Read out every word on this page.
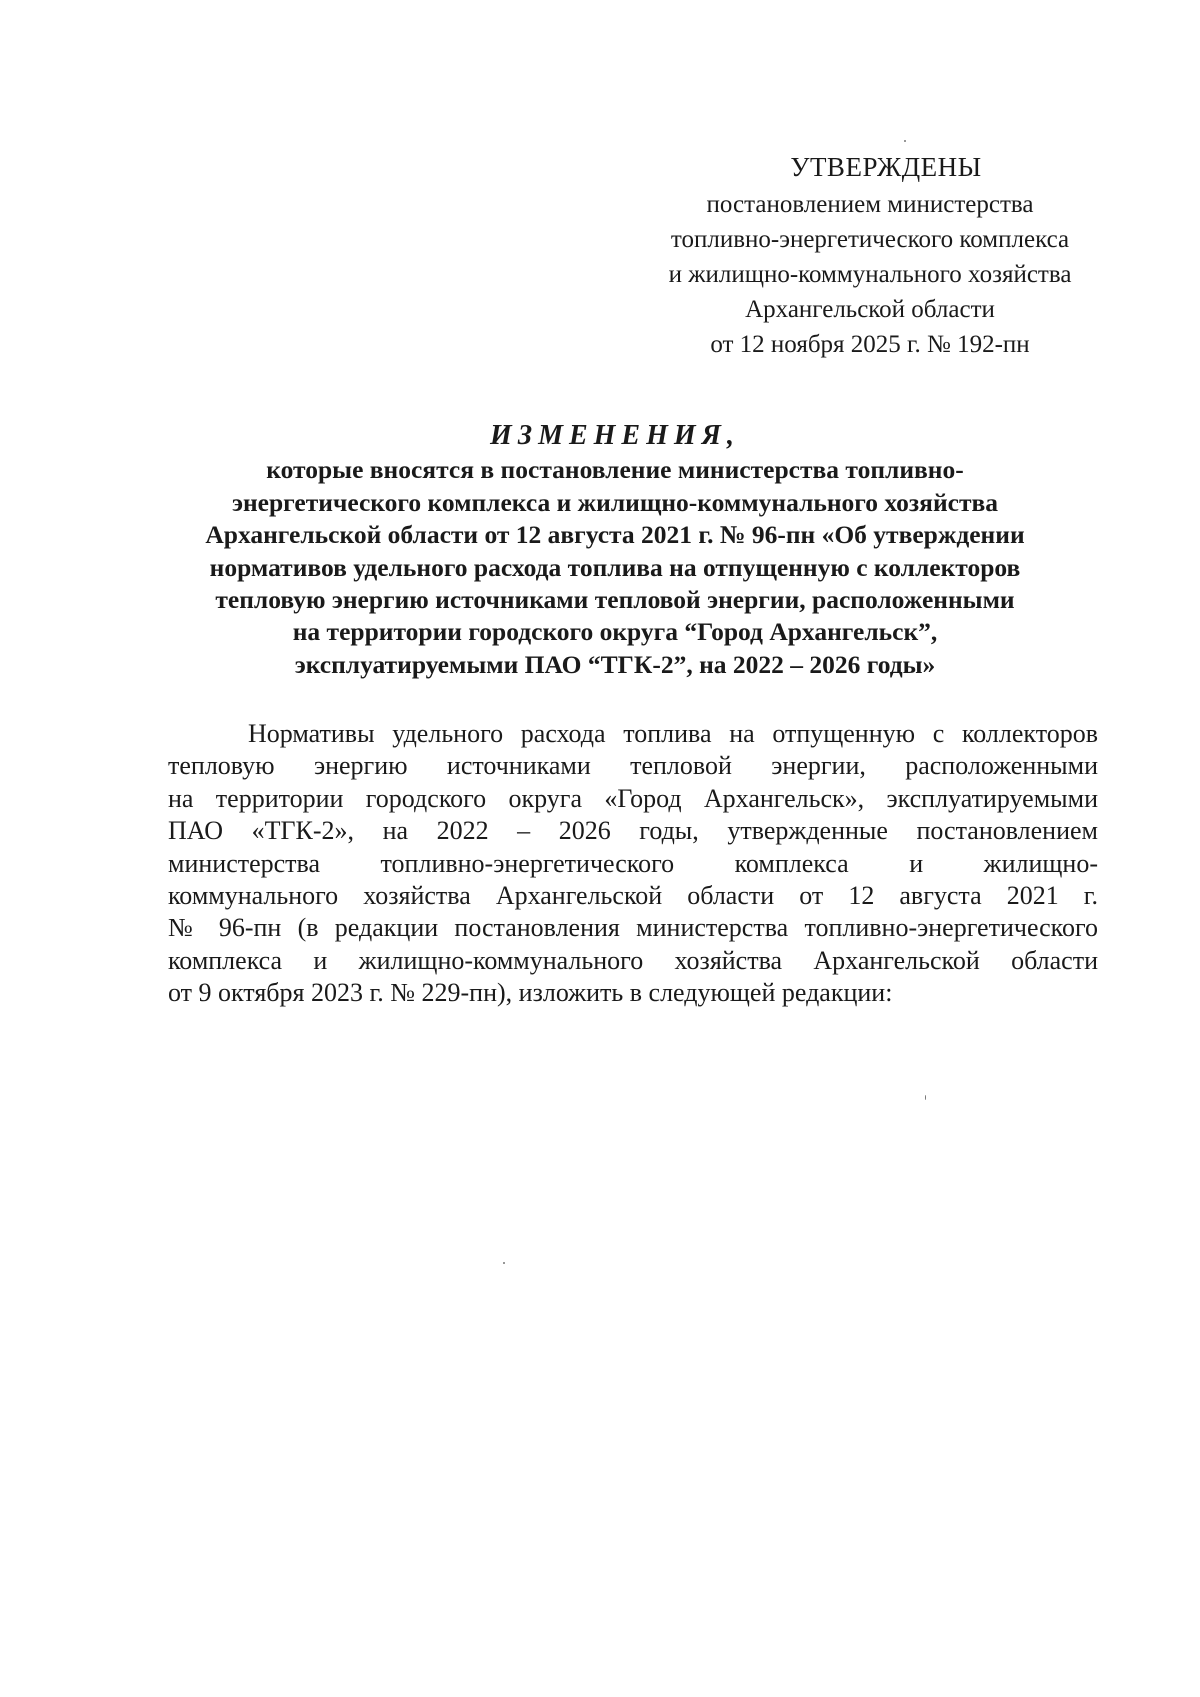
УТВЕРЖДЕНЫ
постановлением министерства
топливно-энергетического комплекса
и жилищно-коммунального хозяйства
Архангельской области
от 12 ноября 2025 г. № 192-пн
ИЗМЕНЕНИЯ,
которые вносятся в постановление министерства топливно-
энергетического комплекса и жилищно-коммунального хозяйства
Архангельской области от 12 августа 2021 г. № 96-пн «Об утверждении
нормативов удельного расхода топлива на отпущенную с коллекторов
тепловую энергию источниками тепловой энергии, расположенными
на территории городского округа “Город Архангельск”,
эксплуатируемыми ПАО “ТГК-2”, на 2022 – 2026 годы»
Нормативы удельного расхода топлива на отпущенную с коллекторов
тепловую энергию источниками тепловой энергии, расположенными
на территории городского округа «Город Архангельск», эксплуатируемыми
ПАО «ТГК-2», на 2022 – 2026 годы, утвержденные постановлением
министерства топливно-энергетического комплекса и жилищно-
коммунального хозяйства Архангельской области от 12 августа 2021 г.
№ 96-пн (в редакции постановления министерства топливно-энергетического
комплекса и жилищно-коммунального хозяйства Архангельской области
от 9 октября 2023 г. № 229-пн), изложить в следующей редакции:
